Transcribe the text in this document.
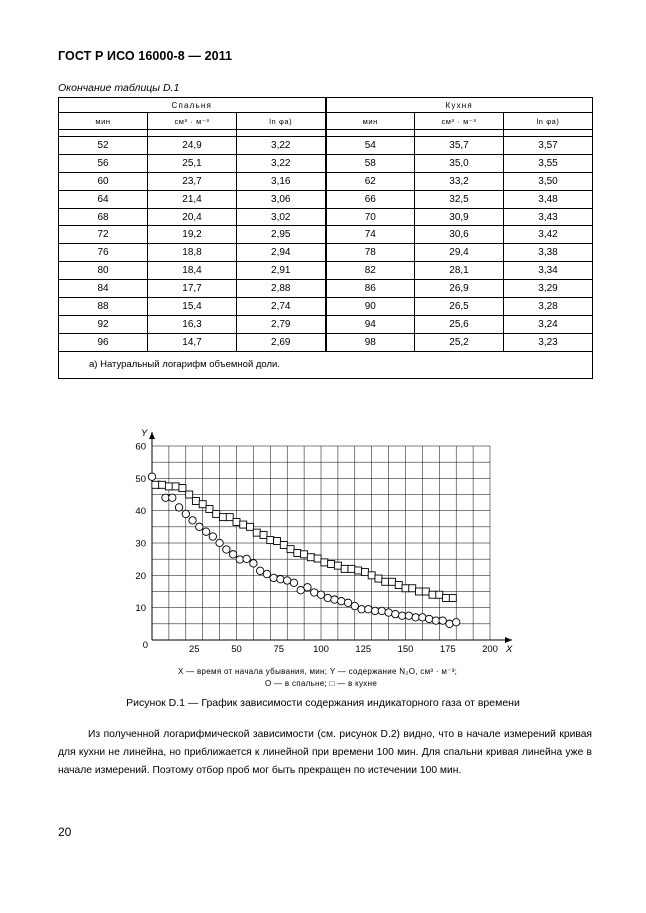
ГОСТ Р ИСО 16000-8 — 2011
Окончание таблицы D.1
Спальня			Кухня		
мин	см³ · м⁻³	ln φa)	мин	см³ · м⁻³	ln φa)

52	24,9	3,22	54	35,7	3,57
56	25,1	3,22	58	35,0	3,55
60	23,7	3,16	62	33,2	3,50
64	21,4	3,06	66	32,5	3,48
68	20,4	3,02	70	30,9	3,43
72	19,2	2,95	74	30,6	3,42
76	18,8	2,94	78	29,4	3,38
80	18,4	2,91	82	28,1	3,34
84	17,7	2,88	86	26,9	3,29
88	15,4	2,74	90	26,5	3,28
92	16,3	2,79	94	25,6	3,24
96	14,7	2,69	98	25,2	3,23
a) Натуральный логарифм объемной доли.					
25	50	75	100	125	150	175	200
10
20
30
40
50
60
0	X
Y
X — время от начала убывания, мин; Y — содержание N₂O, см³ · м⁻³;
O — в спальне; □ — в кухне
Рисунок D.1 — График зависимости содержания индикаторного газа от времени

Из полученной логарифмической зависимости (см. рисунок D.2) видно, что в начале измерений кривая для кухни не линейна, но приближается к линейной при времени 100 мин. Для спальни кривая линейна уже в начале измерений. Поэтому отбор проб мог быть прекращен по истечении 100 мин.

20
